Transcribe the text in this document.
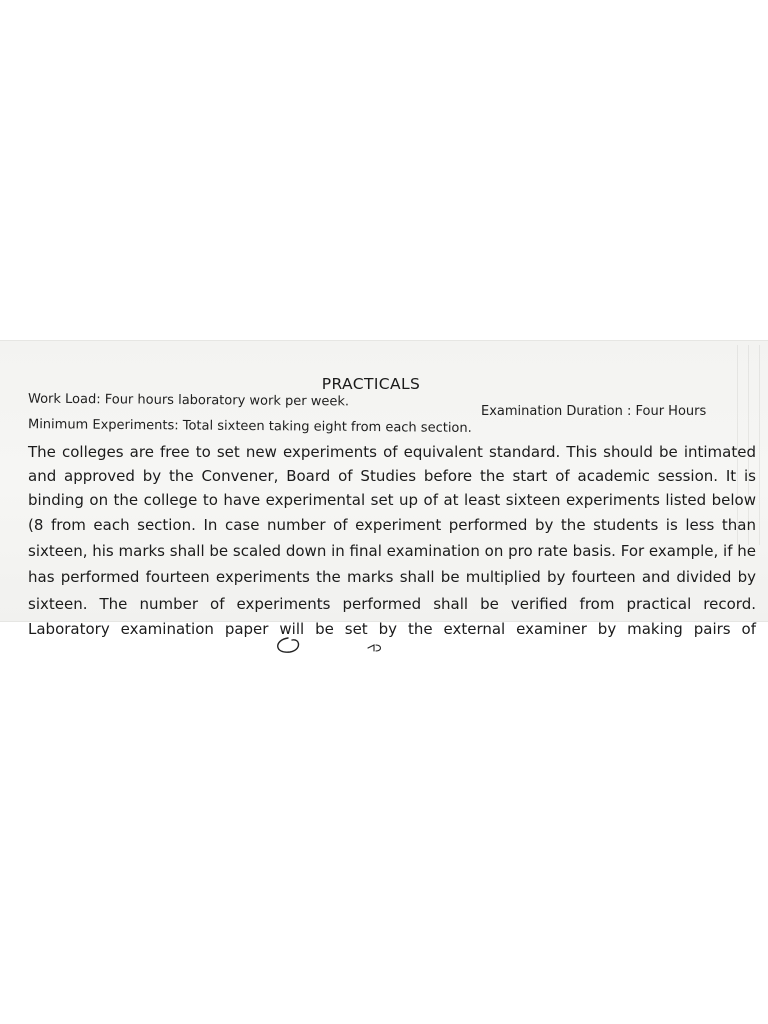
PRACTICALS
Work Load: Four hours laboratory work per week.
Examination Duration : Four Hours
Minimum Experiments: Total sixteen taking eight from each section.
The colleges are free to set new experiments of equivalent standard. This should be intimated
and approved by the Convener, Board of Studies before the start of academic session. It is
binding on the college to have experimental set up of at least sixteen experiments listed below
(8 from each section. In case number of experiment performed by the students is less than
sixteen, his marks shall be scaled down in final examination on pro rate basis. For example, if he
has performed fourteen experiments the marks shall be multiplied by fourteen and divided by
sixteen. The number of experiments performed shall be verified from practical record.
Laboratory examination paper will be set by the external examiner by making pairs of
